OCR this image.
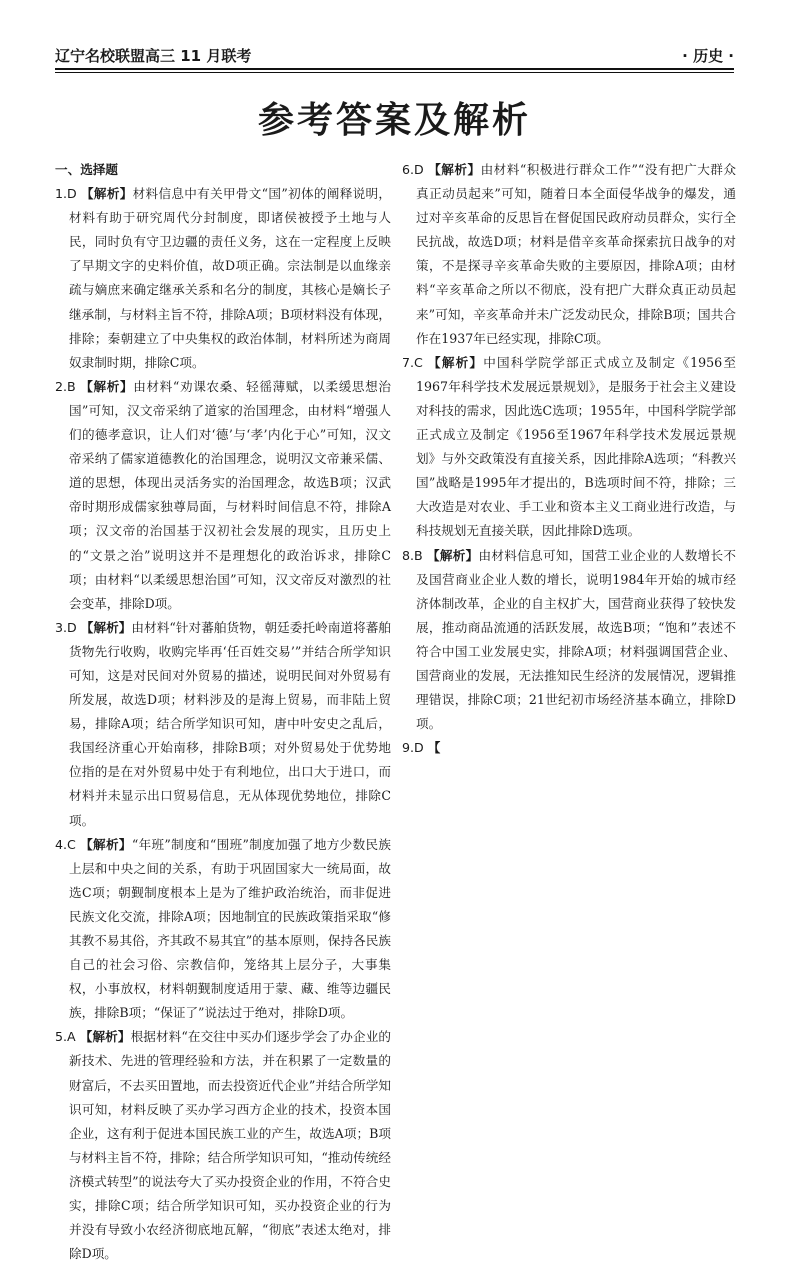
辽宁名校联盟高三 11 月联考	· 历史 ·
参考答案及解析
一、选择题

1.D 【解析】材料信息中有关甲骨文“国”初体的阐释说明，材料有助于研究周代分封制度，即诸侯被授予土地与人民，同时负有守卫边疆的责任义务，这在一定程度上反映了早期文字的史料价值，故D项正确。宗法制是以血缘亲疏与嫡庶来确定继承关系和名分的制度，其核心是嫡长子继承制，与材料主旨不符，排除A项；B项材料没有体现，排除；秦朝建立了中央集权的政治体制，材料所述为商周奴隶制时期，排除C项。

2.B 【解析】由材料“劝课农桑、轻徭薄赋，以柔缓思想治国”可知，汉文帝采纳了道家的治国理念，由材料“增强人们的德孝意识，让人们对‘德’与‘孝’内化于心”可知，汉文帝采纳了儒家道德教化的治国理念，说明汉文帝兼采儒、道的思想，体现出灵活务实的治国理念，故选B项；汉武帝时期形成儒家独尊局面，与材料时间信息不符，排除A项；汉文帝的治国基于汉初社会发展的现实，且历史上的“文景之治”说明这并不是理想化的政治诉求，排除C项；由材料“以柔缓思想治国”可知，汉文帝反对激烈的社会变革，排除D项。

3.D 【解析】由材料“针对蕃舶货物，朝廷委托岭南道将蕃舶货物先行收购，收购完毕再‘任百姓交易’”并结合所学知识可知，这是对民间对外贸易的描述，说明民间对外贸易有所发展，故选D项；材料涉及的是海上贸易，而非陆上贸易，排除A项；结合所学知识可知，唐中叶安史之乱后，我国经济重心开始南移，排除B项；对外贸易处于优势地位指的是在对外贸易中处于有利地位，出口大于进口，而材料并未显示出口贸易信息，无从体现优势地位，排除C项。

4.C 【解析】“年班”制度和“围班”制度加强了地方少数民族上层和中央之间的关系，有助于巩固国家大一统局面，故选C项；朝觐制度根本上是为了维护政治统治，而非促进民族文化交流，排除A项；因地制宜的民族政策指采取“修其教不易其俗，齐其政不易其宜”的基本原则，保持各民族自己的社会习俗、宗教信仰，笼络其上层分子，大事集权，小事放权，材料朝觐制度适用于蒙、藏、维等边疆民族，排除B项；“保证了”说法过于绝对，排除D项。

5.A 【解析】根据材料“在交往中买办们逐步学会了办企业的新技术、先进的管理经验和方法，并在积累了一定数量的财富后，不去买田置地，而去投资近代企业”并结合所学知识可知，材料反映了买办学习西方企业的技术，投资本国企业，这有利于促进本国民族工业的产生，故选A项；B项与材料主旨不符，排除；结合所学知识可知，“推动传统经济模式转型”的说法夸大了买办投资企业的作用，不符合史实，排除C项；结合所学知识可知，买办投资企业的行为并没有导致小农经济彻底地瓦解，“彻底”表述太绝对，排除D项。

6.D 【解析】由材料“积极进行群众工作”“没有把广大群众真正动员起来”可知，随着日本全面侵华战争的爆发，通过对辛亥革命的反思旨在督促国民政府动员群众，实行全民抗战，故选D项；材料是借辛亥革命探索抗日战争的对策，不是探寻辛亥革命失败的主要原因，排除A项；由材料“辛亥革命之所以不彻底，没有把广大群众真正动员起来”可知，辛亥革命并未广泛发动民众，排除B项；国共合作在1937年已经实现，排除C项。

7.C 【解析】中国科学院学部正式成立及制定《1956至1967年科学技术发展远景规划》，是服务于社会主义建设对科技的需求，因此选C选项；1955年，中国科学院学部正式成立及制定《1956至1967年科学技术发展远景规划》与外交政策没有直接关系，因此排除A选项；“科教兴国”战略是1995年才提出的，B选项时间不符，排除；三大改造是对农业、手工业和资本主义工商业进行改造，与科技规划无直接关联，因此排除D选项。

8.B 【解析】由材料信息可知，国营工业企业的人数增长不及国营商业企业人数的增长，说明1984年开始的城市经济体制改革，企业的自主权扩大，国营商业获得了较快发展，推动商品流通的活跃发展，故选B项；“饱和”表述不符合中国工业发展史实，排除A项；材料强调国营企业、国营商业的发展，无法推知民生经济的发展情况，逻辑推理错误，排除C项；21世纪初市场经济基本确立，排除D项。

9.D 【
